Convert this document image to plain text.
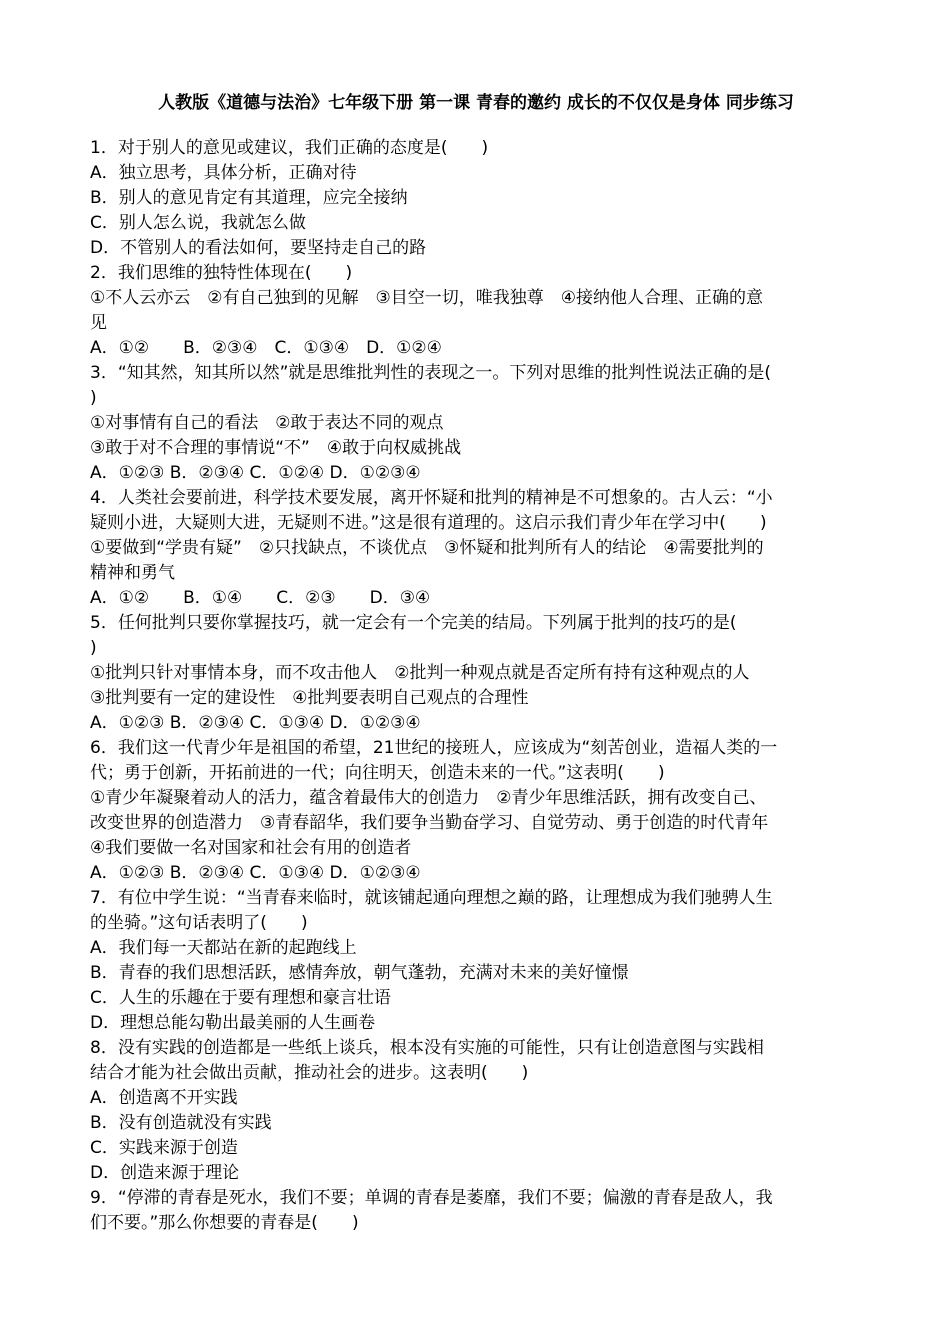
人教版《道德与法治》七年级下册 第一课 青春的邀约 成长的不仅仅是身体 同步练习
1．对于别人的意见或建议，我们正确的态度是(　　)
A．独立思考，具体分析，正确对待
B．别人的意见肯定有其道理，应完全接纳
C．别人怎么说，我就怎么做
D．不管别人的看法如何，要坚持走自己的路
2．我们思维的独特性体现在(　　)
①不人云亦云　②有自己独到的见解　③目空一切，唯我独尊　④接纳他人合理、正确的意
见
A．①②　　B．②③④　C．①③④　D．①②④
3．“知其然，知其所以然”就是思维批判性的表现之一。下列对思维的批判性说法正确的是(
)
①对事情有自己的看法　②敢于表达不同的观点
③敢于对不合理的事情说“不”　④敢于向权威挑战
A．①②③ B．②③④ C．①②④ D．①②③④
4．人类社会要前进，科学技术要发展，离开怀疑和批判的精神是不可想象的。古人云：“小
疑则小进，大疑则大进，无疑则不进。”这是很有道理的。这启示我们青少年在学习中(　　)
①要做到“学贵有疑”　②只找缺点，不谈优点　③怀疑和批判所有人的结论　④需要批判的
精神和勇气
A．①②　　B．①④　　C．②③　　D．③④
5．任何批判只要你掌握技巧，就一定会有一个完美的结局。下列属于批判的技巧的是(
)
①批判只针对事情本身，而不攻击他人　②批判一种观点就是否定所有持有这种观点的人
③批判要有一定的建设性　④批判要表明自己观点的合理性
A．①②③ B．②③④ C．①③④ D．①②③④
6．我们这一代青少年是祖国的希望，21世纪的接班人，应该成为“刻苦创业，造福人类的一
代；勇于创新，开拓前进的一代；向往明天，创造未来的一代。”这表明(　　)
①青少年凝聚着动人的活力，蕴含着最伟大的创造力　②青少年思维活跃，拥有改变自己、
改变世界的创造潜力　③青春韶华，我们要争当勤奋学习、自觉劳动、勇于创造的时代青年
④我们要做一名对国家和社会有用的创造者
A．①②③ B．②③④ C．①③④ D．①②③④
7．有位中学生说：“当青春来临时，就该铺起通向理想之巅的路，让理想成为我们驰骋人生
的坐骑。”这句话表明了(　　)
A．我们每一天都站在新的起跑线上
B．青春的我们思想活跃，感情奔放，朝气蓬勃，充满对未来的美好憧憬
C．人生的乐趣在于要有理想和豪言壮语
D．理想总能勾勒出最美丽的人生画卷
8．没有实践的创造都是一些纸上谈兵，根本没有实施的可能性，只有让创造意图与实践相
结合才能为社会做出贡献，推动社会的进步。这表明(　　)
A．创造离不开实践
B．没有创造就没有实践
C．实践来源于创造
D．创造来源于理论
9．“停滞的青春是死水，我们不要；单调的青春是萎靡，我们不要；偏激的青春是敌人，我
们不要。”那么你想要的青春是(　　)
